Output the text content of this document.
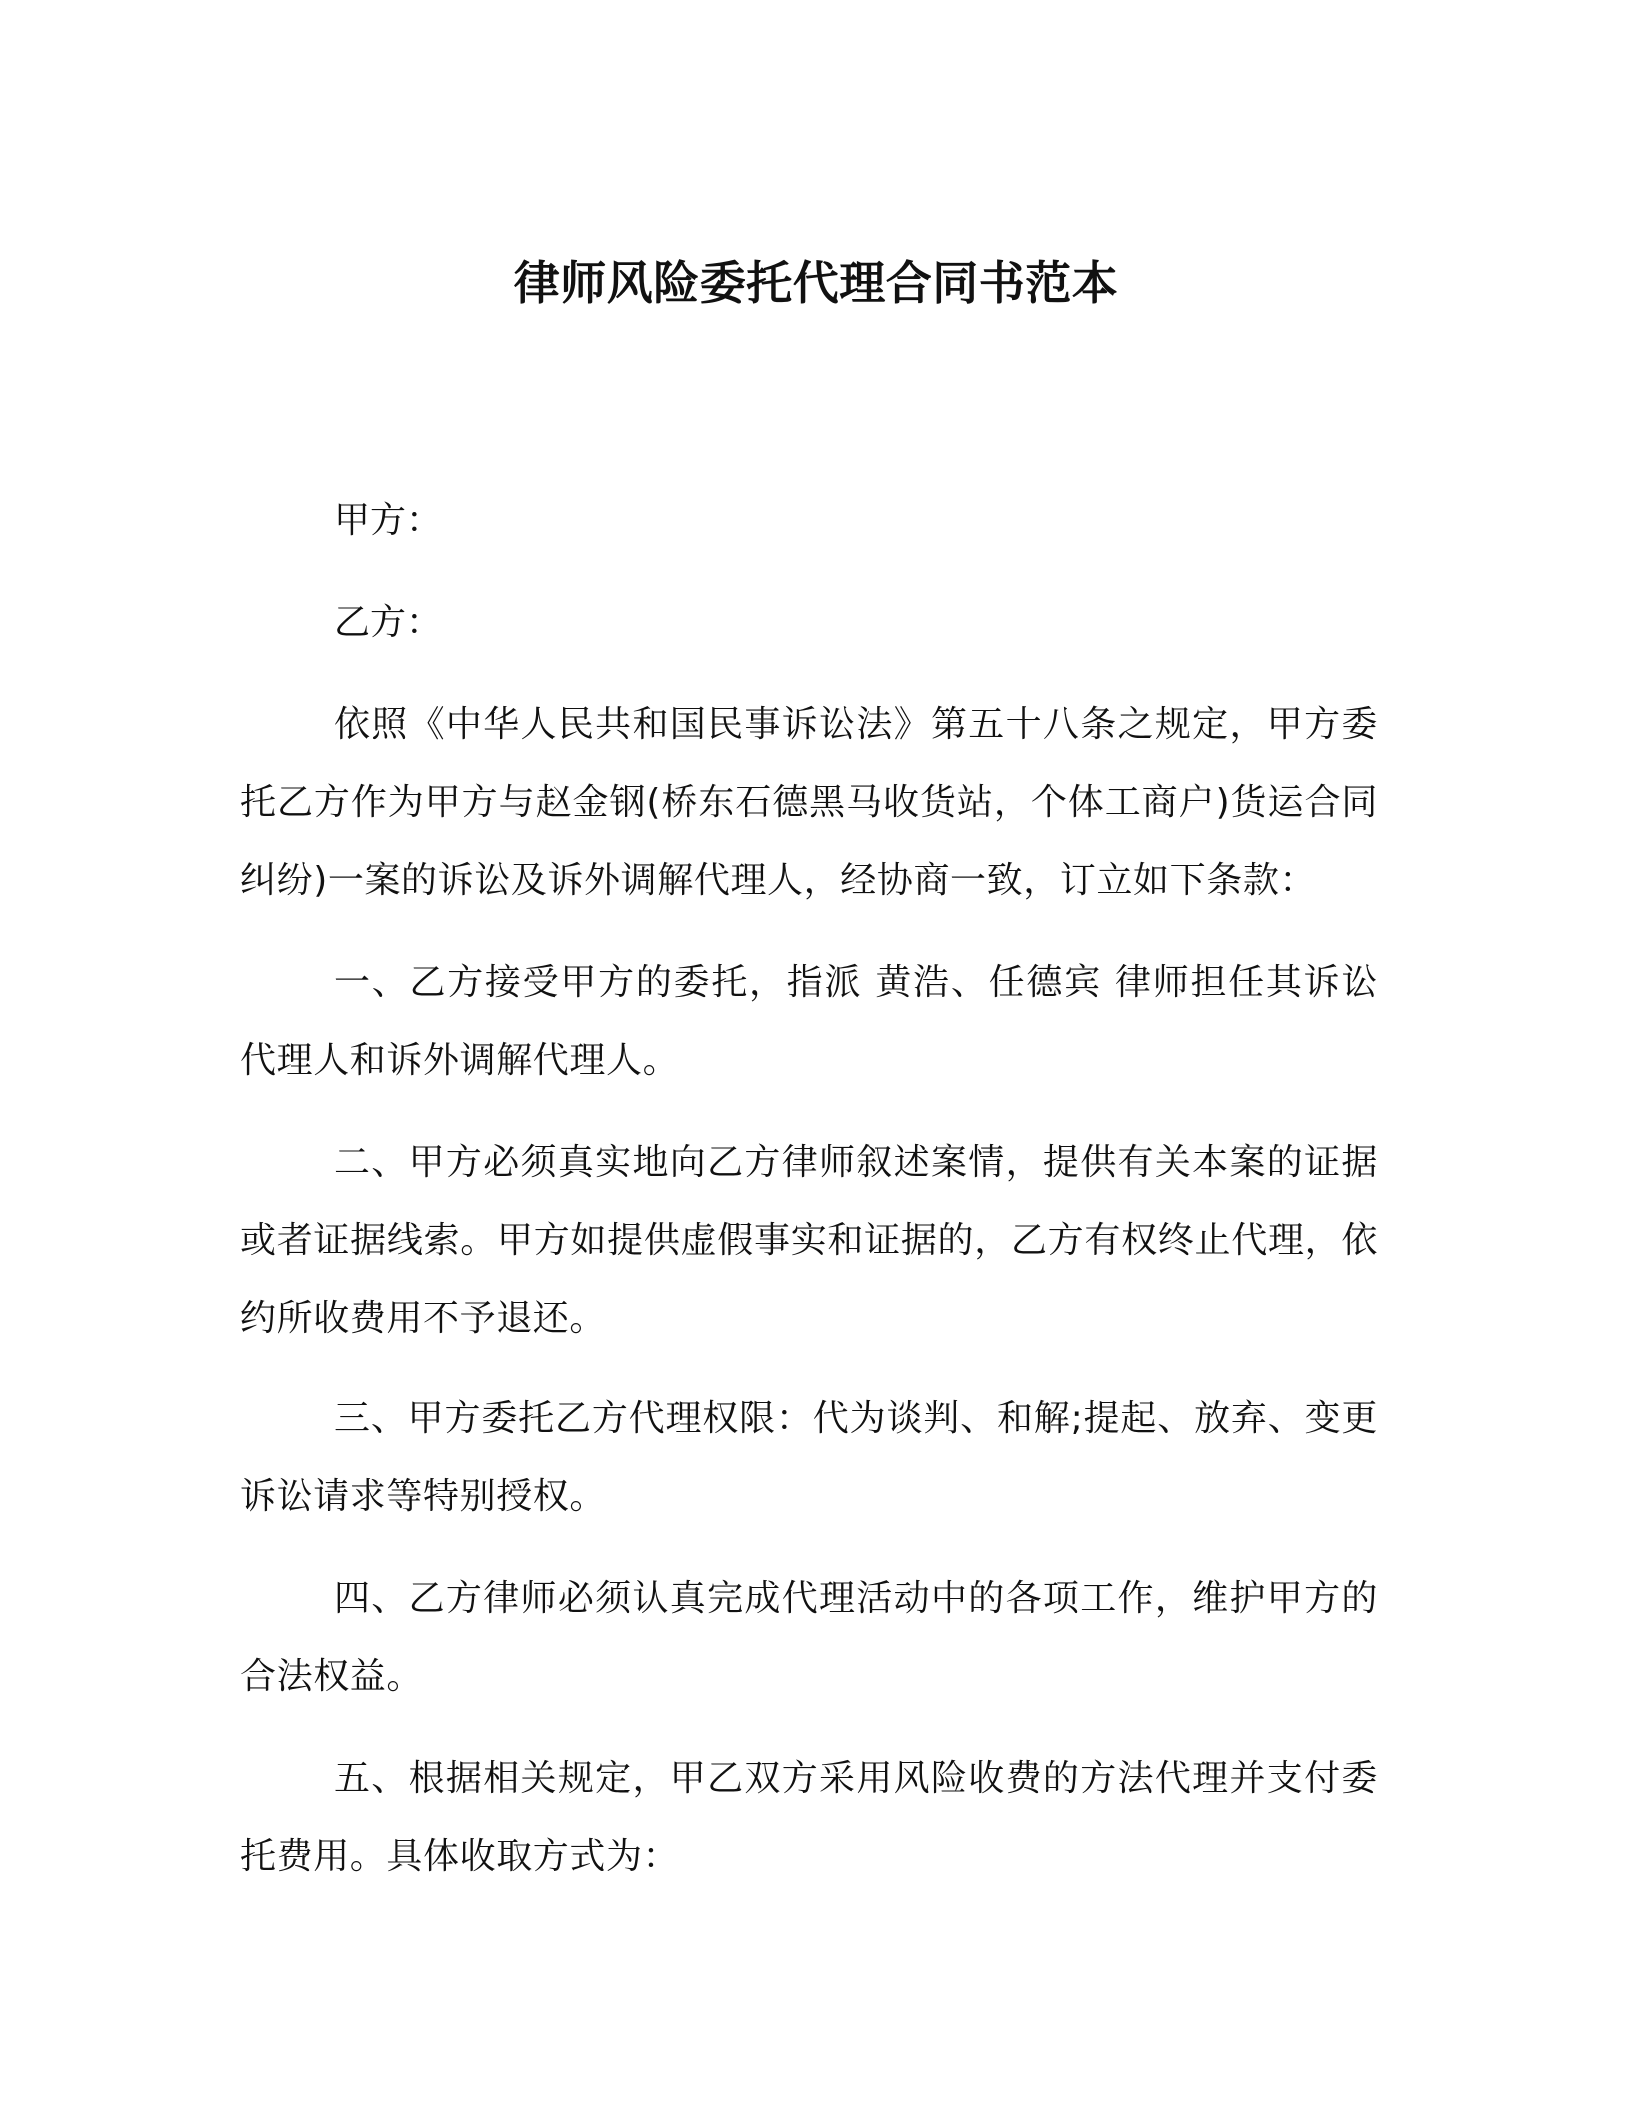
律师风险委托代理合同书范本

甲方：

乙方：

依照《中华人民共和国民事诉讼法》第五十八条之规定，甲方委托乙方作为甲方与赵金钢(桥东石德黑马收货站，个体工商户)货运合同纠纷)一案的诉讼及诉外调解代理人，经协商一致，订立如下条款：

一、乙方接受甲方的委托，指派 黄浩、任德宾 律师担任其诉讼代理人和诉外调解代理人。

二、甲方必须真实地向乙方律师叙述案情，提供有关本案的证据或者证据线索。甲方如提供虚假事实和证据的，乙方有权终止代理，依约所收费用不予退还。

三、甲方委托乙方代理权限：代为谈判、和解;提起、放弃、变更诉讼请求等特别授权。

四、乙方律师必须认真完成代理活动中的各项工作，维护甲方的合法权益。

五、根据相关规定，甲乙双方采用风险收费的方法代理并支付委托费用。具体收取方式为：
